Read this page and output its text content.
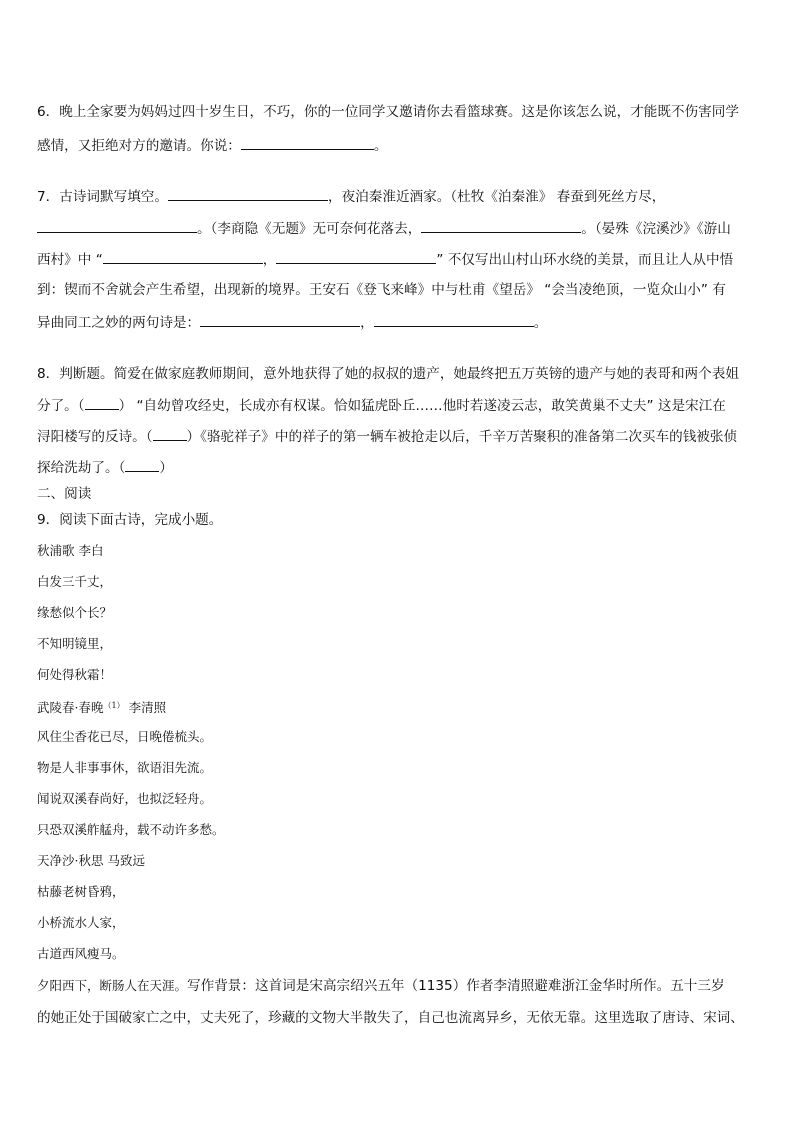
6．晚上全家要为妈妈过四十岁生日，不巧，你的一位同学又邀请你去看篮球赛。这是你该怎么说，才能既不伤害同学
感情，又拒绝对方的邀请。你说：	。
7．古诗词默写填空。	，夜泊秦淮近酒家。（杜牧《泊秦淮》 春蚕到死丝方尽，
。（李商隐《无题》无可奈何花落去，	。（晏殊《浣溪沙》《游山
西村》中 “	，	” 不仅写出山村山环水绕的美景，而且让人从中悟
到：锲而不舍就会产生希望，出现新的境界。王安石《登飞来峰》中与杜甫《望岳》 “会当凌绝顶，一览众山小” 有
异曲同工之妙的两句诗是：	，	。
8．判断题。简爱在做家庭教师期间，意外地获得了她的叔叔的遗产，她最终把五万英镑的遗产与她的表哥和两个表姐
分了。（	） “自幼曾攻经史，长成亦有权谋。恰如猛虎卧丘……他时若遂凌云志，敢笑黄巢不丈夫” 这是宋江在
浔阳楼写的反诗。（	）《骆驼祥子》中的祥子的第一辆车被抢走以后，千辛万苦聚积的准备第二次买车的钱被张侦
探给洗劫了。（	）
二、阅读
9．阅读下面古诗，完成小题。
秋浦歌 李白
白发三千丈，
缘愁似个长？
不知明镜里，
何处得秋霜！
武陵春·春晚$^{(1)}$ 李清照
风住尘香花已尽，日晚倦梳头。
物是人非事事休，欲语泪先流。
闻说双溪春尚好，也拟泛轻舟。
只恐双溪舴艋舟，载不动许多愁。
天净沙·秋思 马致远
枯藤老树昏鸦，
小桥流水人家，
古道西风瘦马。
夕阳西下，断肠人在天涯。写作背景：这首词是宋高宗绍兴五年（1135）作者李清照避难浙江金华时所作。五十三岁
的她正处于国破家亡之中，丈夫死了，珍藏的文物大半散失了，自己也流离异乡，无依无靠。这里选取了唐诗、宋词、
